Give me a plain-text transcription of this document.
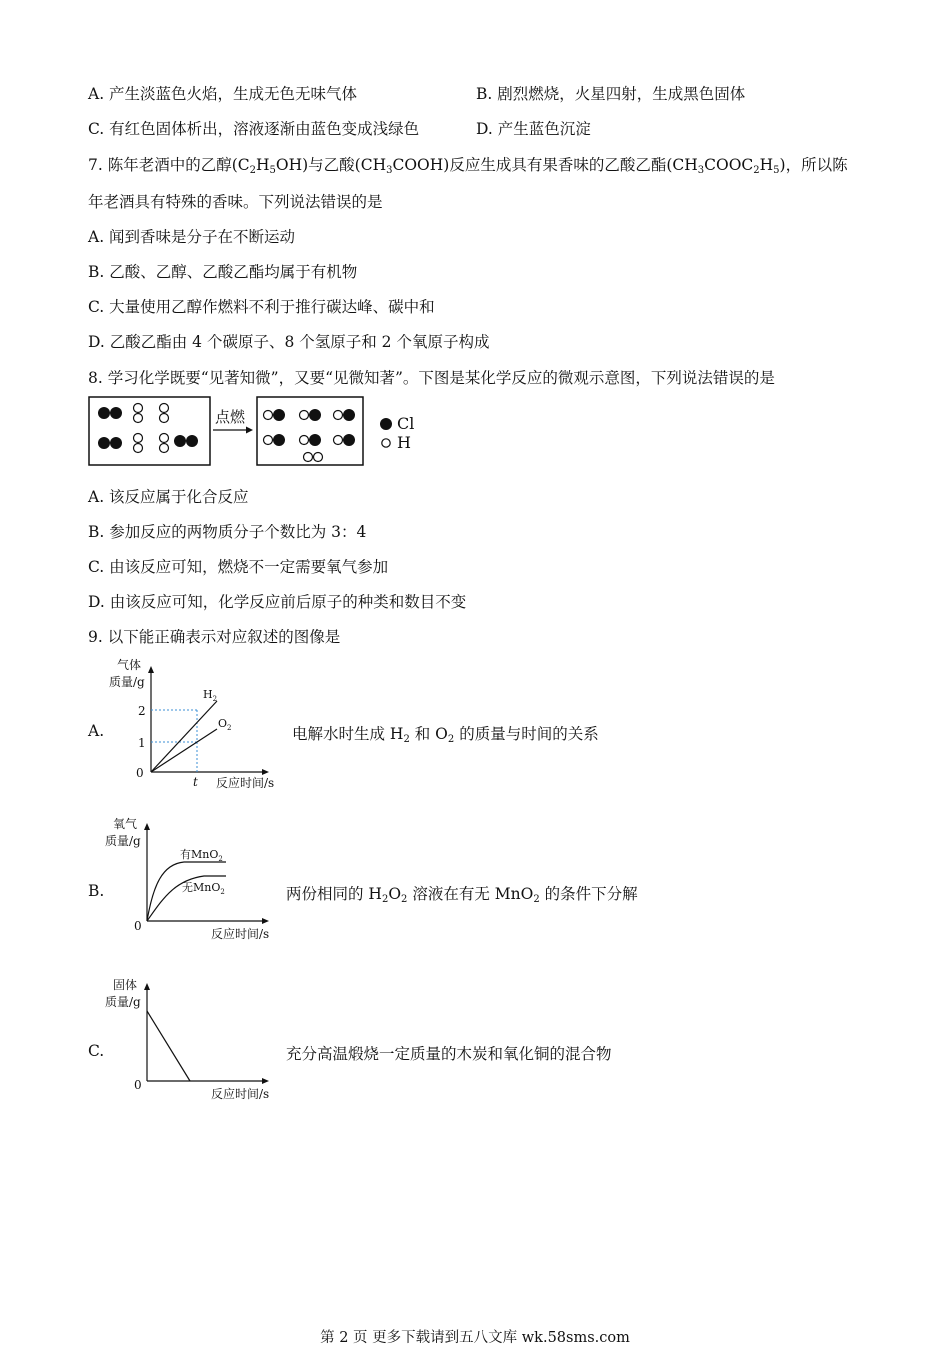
A. 产生淡蓝色火焰，生成无色无味气体	B. 剧烈燃烧，火星四射，生成黑色固体
C. 有红色固体析出，溶液逐渐由蓝色变成浅绿色	D. 产生蓝色沉淀
7. 陈年老酒中的乙醇$(C_2H_5OH)$与乙酸$(CH_3COOH)$反应生成具有果香味的乙酸乙酯$(CH_3COOC_2H_5)$，所以陈
年老酒具有特殊的香味。下列说法错误的是
A. 闻到香味是分子在不断运动
B. 乙酸、乙醇、乙酸乙酯均属于有机物
C. 大量使用乙醇作燃料不利于推行碳达峰、碳中和
D. 乙酸乙酯由 4 个碳原子、8 个氢原子和 2 个氧原子构成
8. 学习化学既要“见著知微”，又要“见微知著”。下图是某化学反应的微观示意图，下列说法错误的是
点燃	Cl
H
A. 该反应属于化合反应
B. 参加反应的两物质分子个数比为 3：4
C. 由该反应可知，燃烧不一定需要氧气参加
D. 由该反应可知，化学反应前后原子的种类和数目不变
9. 以下能正确表示对应叙述的图像是
A.
气体
质量/g
0
2
1
t
$H_2$
$O_2$
反应时间/s
电解水时生成 $H_2$ 和 $O_2$ 的质量与时间的关系
B.
氧气
质量/g
0
有MnO$_2$
无MnO$_2$
反应时间/s
两份相同的 $H_2O_2$ 溶液在有无 MnO$_2$ 的条件下分解
C.
固体
质量/g
0
反应时间/s
充分高温煅烧一定质量的木炭和氧化铜的混合物
第 2 页 更多下载请到五八文库 wk.58sms.com
